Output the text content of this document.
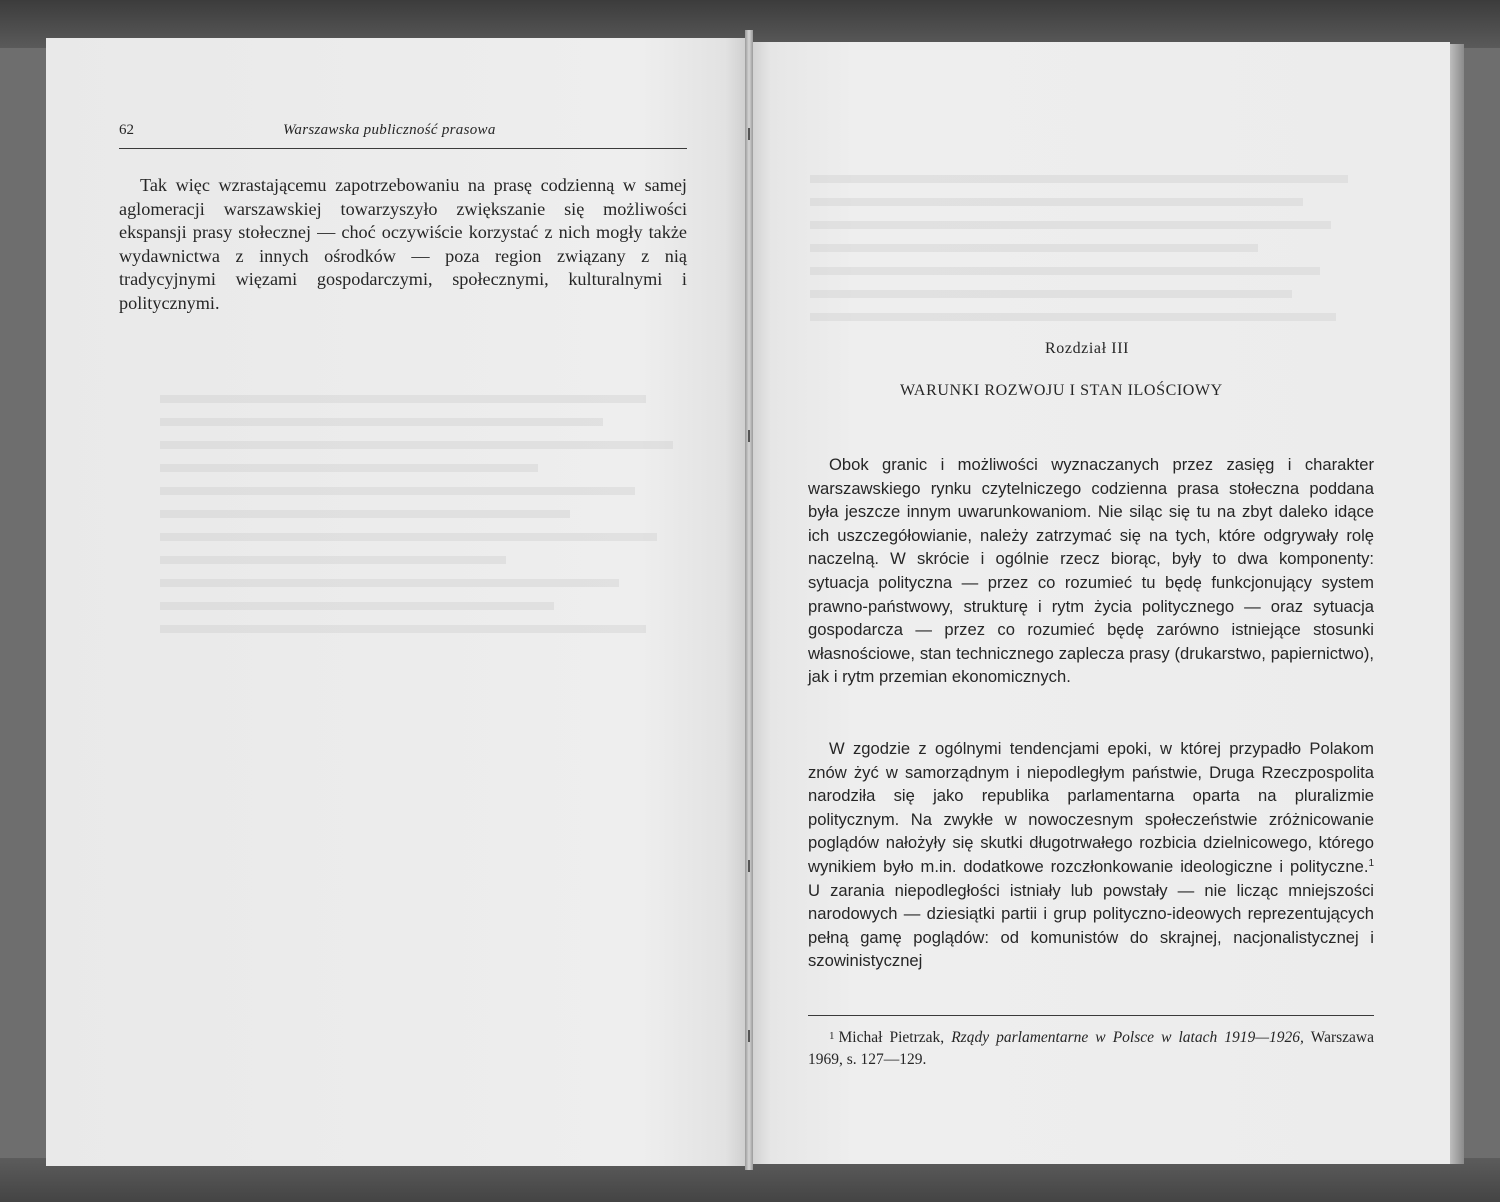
62	Warszawska publiczność prasowa

Tak więc wzrastającemu zapotrzebowaniu na prasę codzienną w samej aglomeracji warszawskiej towarzyszyło zwiększanie się możliwości ekspansji prasy stołecznej — choć oczywiście korzystać z nich mogły także wydawnictwa z innych ośrodków — poza region związany z nią tradycyjnymi więzami gospodarczymi, społecznymi, kulturalnymi i politycznymi.

Rozdział III
WARUNKI ROZWOJU I STAN ILOŚCIOWY

Obok granic i możliwości wyznaczanych przez zasięg i charakter warszawskiego rynku czytelniczego codzienna prasa stołeczna poddana była jeszcze innym uwarunkowaniom. Nie siląc się tu na zbyt daleko idące ich uszczegółowianie, należy zatrzymać się na tych, które odgrywały rolę naczelną. W skrócie i ogólnie rzecz biorąc, były to dwa komponenty: sytuacja polityczna — przez co rozumieć tu będę funkcjonujący system prawno-państwowy, strukturę i rytm życia politycznego — oraz sytuacja gospodarcza — przez co rozumieć będę zarówno istniejące stosunki własnościowe, stan technicznego zaplecza prasy (drukarstwo, papiernictwo), jak i rytm przemian ekonomicznych.

W zgodzie z ogólnymi tendencjami epoki, w której przypadło Polakom znów żyć w samorządnym i niepodległym państwie, Druga Rzeczpospolita narodziła się jako republika parlamentarna oparta na pluralizmie politycznym. Na zwykłe w nowoczesnym społeczeństwie zróżnicowanie poglądów nałożyły się skutki długotrwałego rozbicia dzielnicowego, którego wynikiem było m.in. dodatkowe rozczłonkowanie ideologiczne i polityczne.$^1$ U zarania niepodległości istniały lub powstały — nie licząc mniejszości narodowych — dziesiątki partii i grup polityczno-ideowych reprezentujących pełną gamę poglądów: od komunistów do skrajnej, nacjonalistycznej i szowinistycznej

1 Michał Pietrzak, Rządy parlamentarne w Polsce w latach 1919—1926, Warszawa 1969, s. 127—129.
